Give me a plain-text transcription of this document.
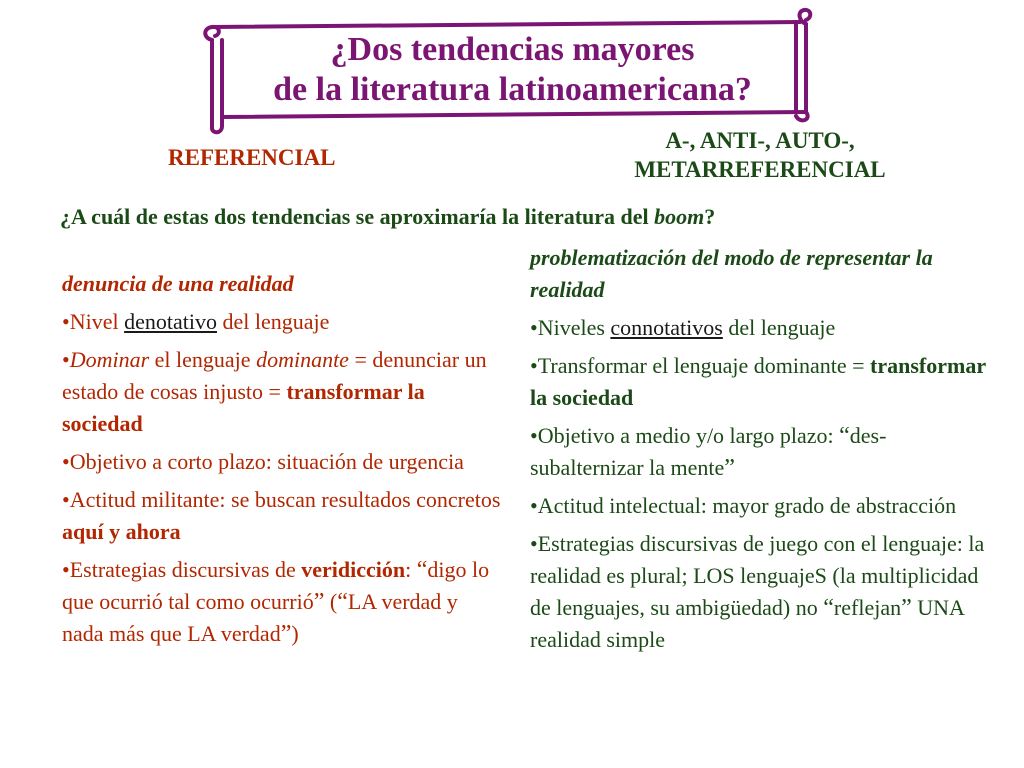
¿Dos tendencias mayores
de la literatura latinoamericana?
REFERENCIAL
A-, ANTI-, AUTO-,
METARREFERENCIAL
¿A cuál de estas dos tendencias se aproximaría la literatura del boom?

denuncia de una realidad

•Nivel denotativo del lenguaje

•Dominar el lenguaje dominante = denunciar un estado de cosas injusto = transformar la sociedad

•Objetivo a corto plazo: situación de urgencia

•Actitud militante: se buscan resultados concretos aquí y ahora

•Estrategias discursivas de veridicción: “digo lo que ocurrió tal como ocurrió” (“LA verdad y nada más que LA verdad”)

problematización del modo de representar la realidad

•Niveles connotativos del lenguaje

•Transformar el lenguaje dominante = transformar la sociedad

•Objetivo a medio y/o largo plazo: “des-subalternizar la mente”

•Actitud intelectual: mayor grado de abstracción

•Estrategias discursivas de juego con el lenguaje: la realidad es plural; LOS lenguajeS (la multiplicidad de lenguajes, su ambigüedad) no “reflejan” UNA realidad simple
